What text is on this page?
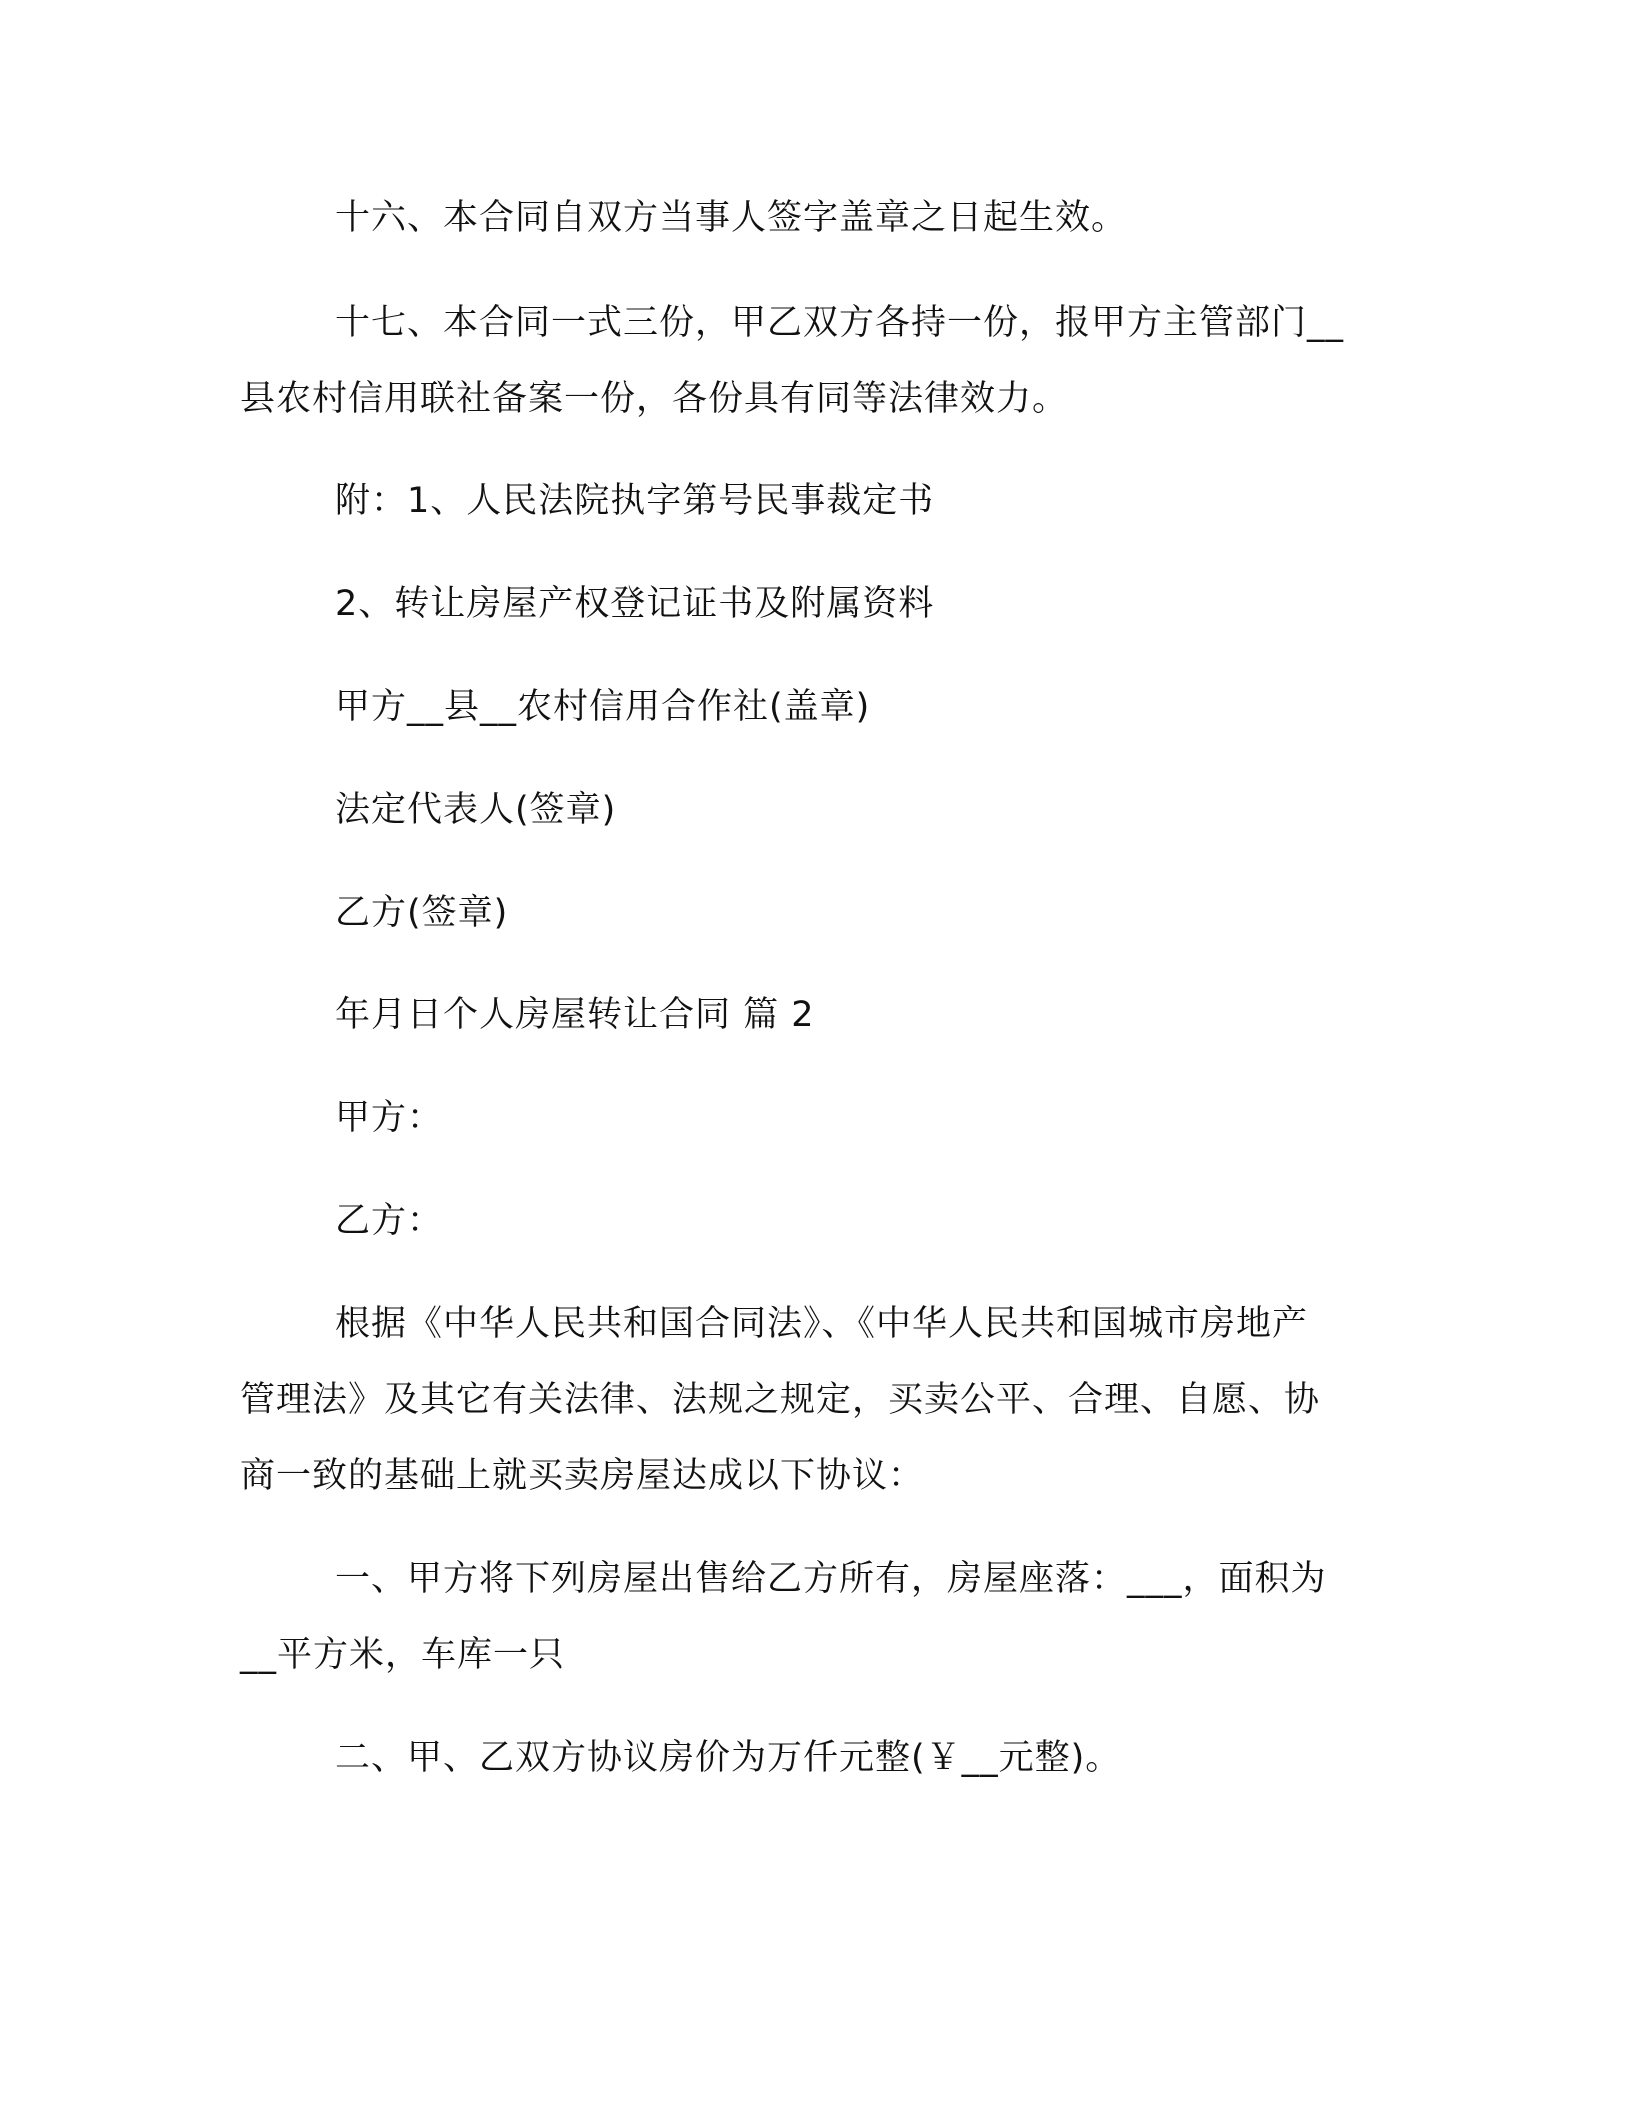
十六、本合同自双方当事人签字盖章之日起生效。
十七、本合同一式三份，甲乙双方各持一份，报甲方主管部门__
县农村信用联社备案一份，各份具有同等法律效力。
附：1、人民法院执字第号民事裁定书
2、转让房屋产权登记证书及附属资料
甲方__县__农村信用合作社(盖章)
法定代表人(签章)
乙方(签章)
年月日个人房屋转让合同 篇 2
甲方：
乙方：
根据《中华人民共和国合同法》、《中华人民共和国城市房地产
管理法》及其它有关法律、法规之规定，买卖公平、合理、自愿、协
商一致的基础上就买卖房屋达成以下协议：
一、甲方将下列房屋出售给乙方所有，房屋座落：___，面积为
__平方米，车库一只
二、甲、乙双方协议房价为万仟元整(￥__元整)。
